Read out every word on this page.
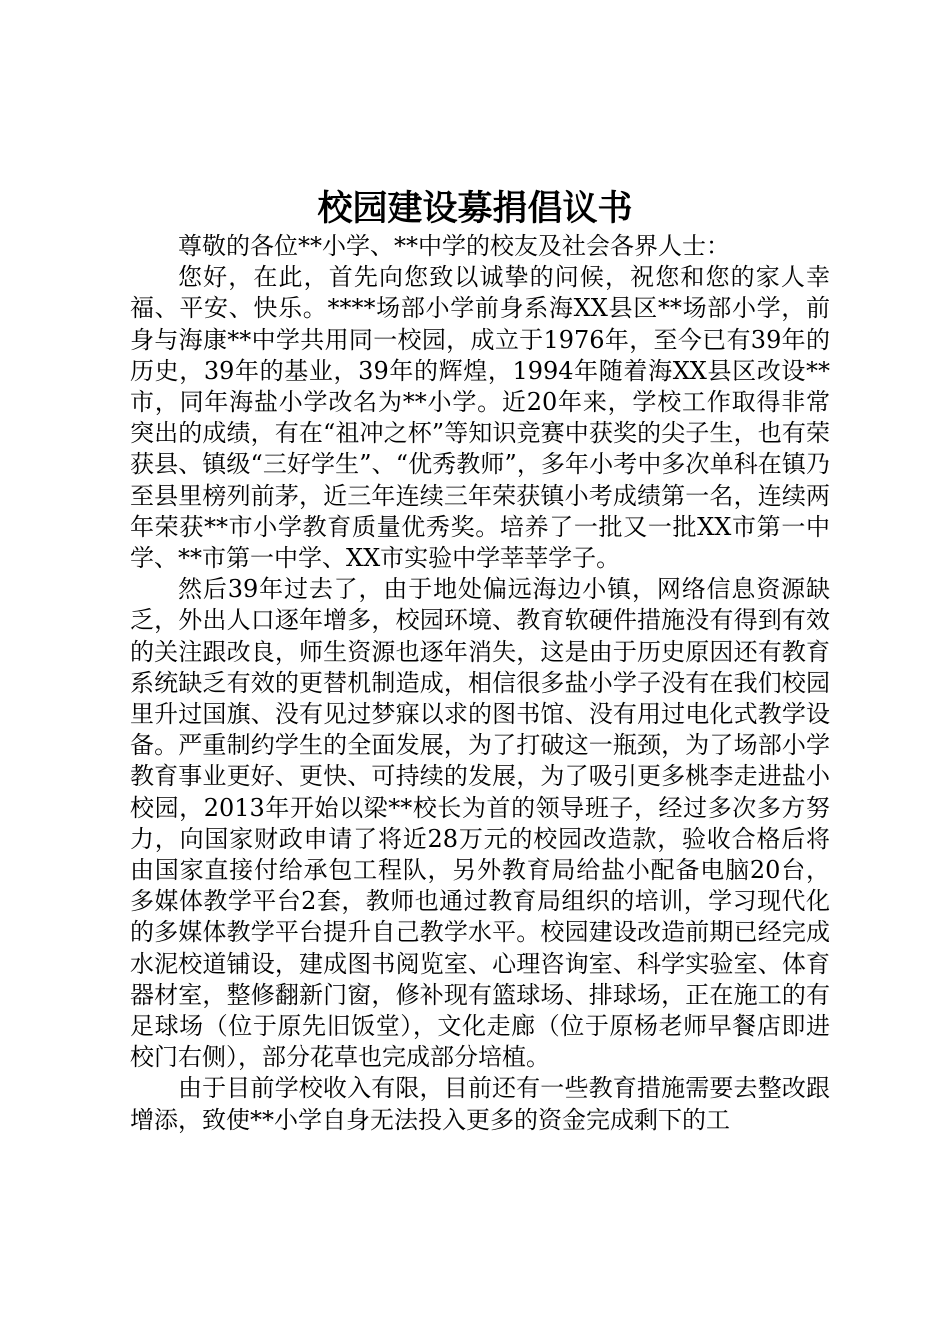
校园建设募捐倡议书

尊敬的各位**小学、**中学的校友及社会各界人士：

您好，在此，首先向您致以诚挚的问候，祝您和您的家人幸福、平安、快乐。****场部小学前身系海XX县区**场部小学，前身与海康**中学共用同一校园，成立于1976年，至今已有39年的历史，39年的基业，39年的辉煌，1994年随着海XX县区改设**市，同年海盐小学改名为**小学。近20年来，学校工作取得非常突出的成绩，有在“祖冲之杯”等知识竞赛中获奖的尖子生，也有荣获县、镇级“三好学生”、“优秀教师”，多年小考中多次单科在镇乃至县里榜列前茅，近三年连续三年荣获镇小考成绩第一名，连续两年荣获**市小学教育质量优秀奖。培养了一批又一批XX市第一中学、**市第一中学、XX市实验中学莘莘学子。

然后39年过去了，由于地处偏远海边小镇，网络信息资源缺乏，外出人口逐年增多，校园环境、教育软硬件措施没有得到有效的关注跟改良，师生资源也逐年消失，这是由于历史原因还有教育系统缺乏有效的更替机制造成，相信很多盐小学子没有在我们校园里升过国旗、没有见过梦寐以求的图书馆、没有用过电化式教学设备。严重制约学生的全面发展，为了打破这一瓶颈，为了场部小学教育事业更好、更快、可持续的发展，为了吸引更多桃李走进盐小校园，2013年开始以梁**校长为首的领导班子，经过多次多方努力，向国家财政申请了将近28万元的校园改造款，验收合格后将由国家直接付给承包工程队，另外教育局给盐小配备电脑20台，多媒体教学平台2套，教师也通过教育局组织的培训，学习现代化的多媒体教学平台提升自己教学水平。校园建设改造前期已经完成水泥校道铺设，建成图书阅览室、心理咨询室、科学实验室、体育器材室，整修翻新门窗，修补现有篮球场、排球场，正在施工的有足球场（位于原先旧饭堂），文化走廊（位于原杨老师早餐店即进校门右侧），部分花草也完成部分培植。

由于目前学校收入有限，目前还有一些教育措施需要去整改跟增添，致使**小学自身无法投入更多的资金完成剩下的工
